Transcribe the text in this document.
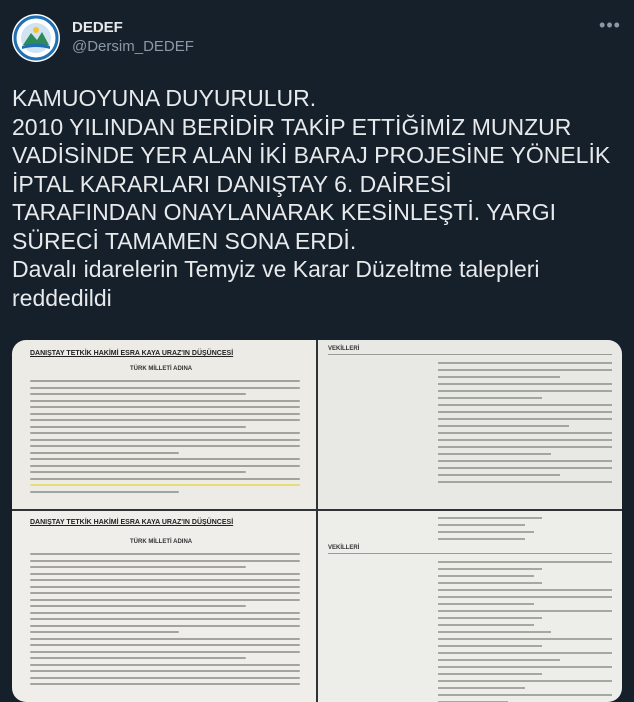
DEDEF
@Dersim_DEDEF
•••
KAMUOYUNA DUYURULUR.
2010 YILINDAN BERİDİR TAKİP ETTİĞİMİZ MUNZUR
VADİSİNDE YER ALAN İKİ BARAJ PROJESİNE YÖNELİK
İPTAL KARARLARI DANIŞTAY 6. DAİRESİ
TARAFINDAN ONAYLANARAK KESİNLEŞTİ. YARGI
SÜRECİ TAMAMEN SONA ERDİ.
Davalı idarelerin Temyiz ve Karar Düzeltme talepleri
reddedildi
DANIŞTAY TETKİK HAKİMİ ESRA KAYA URAZ'IN DÜŞÜNCESİ
TÜRK MİLLETİ ADINA
VEKİLLERİ
DANIŞTAY TETKİK HAKİMİ ESRA KAYA URAZ'IN DÜŞÜNCESİ
TÜRK MİLLETİ ADINA
VEKİLLERİ
